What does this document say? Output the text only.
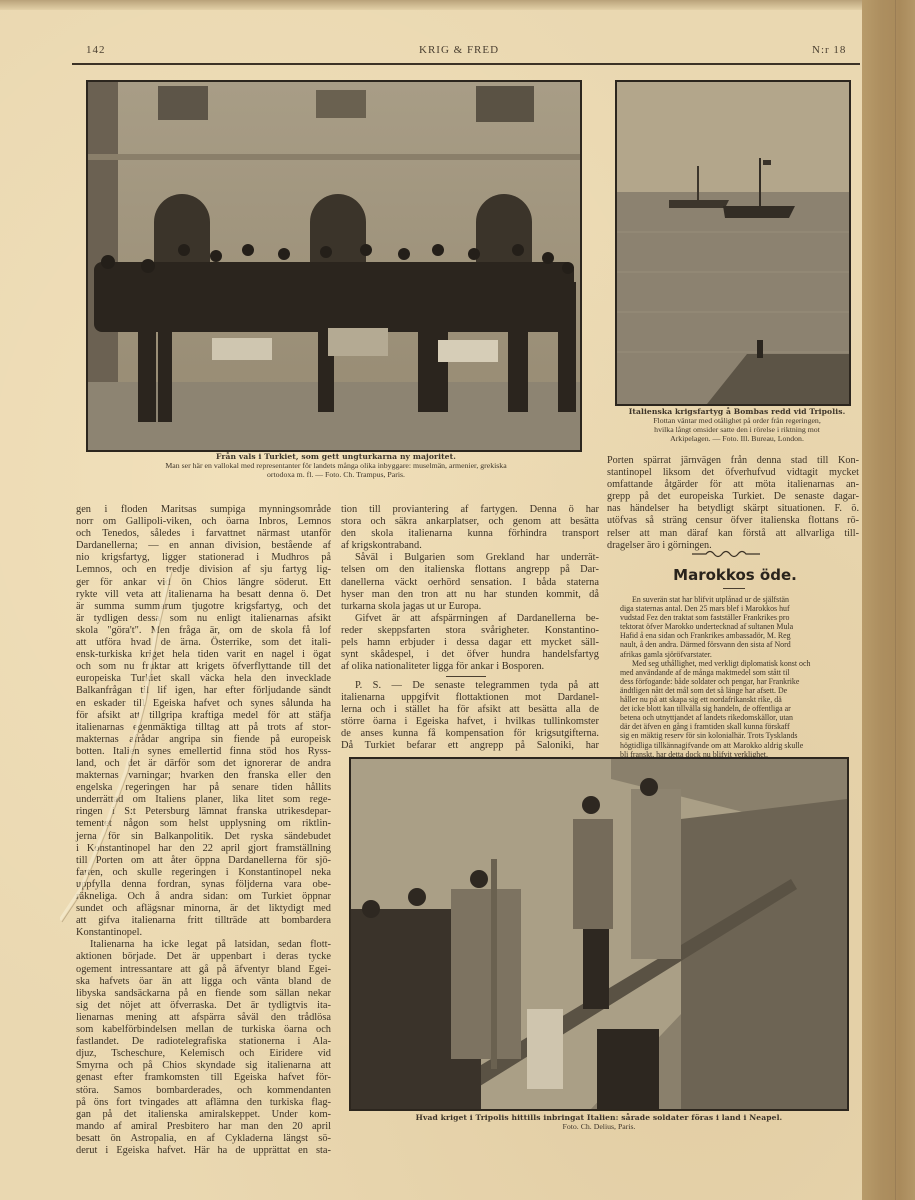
142	KRIG & FRED	N:r 18
Från vals i Turkiet, som gett ungturkarna ny majoritet.
Man ser här en vallokal med representanter för landets många olika inbyggare: muselmän, armenier, grekiska
ortodoxa m. fl. — Foto. Ch. Trampus, Paris.
Italienska krigsfartyg å Bombas redd vid Tripolis.
Flottan väntar med otålighet på order från regeringen,
hvilka långt omsider satte den i rörelse i riktning mot
Arkipelagen. — Foto. Ill. Bureau, London.
gen i floden Maritsas sumpiga mynningsområde
norr om Gallipoli-viken, och öarna Inbros, Lemnos
och Tenedos, således i farvattnet närmast utanför
Dardanellerna; — en annan division, bestående af
nio krigsfartyg, ligger stationerad i Mudhros på
Lemnos, och en tredje division af sju fartyg lig-
ger för ankar vid ön Chios längre söderut. Ett
rykte vill veta att italienarna ha besatt denna ö. Det
är summa summarum tjugotre krigsfartyg, och det
är tydligen dessa som nu enligt italienarnas afsikt
skola "göra't". Men fråga är, om de skola få lof
att utföra hvad de ärna. Österrike, som det itali-
ensk-turkiska kriget hela tiden varit en nagel i ögat
och som nu fruktar att krigets öfverflyttande till det
europeiska Turkiet skall väcka hela den invecklade
Balkanfrågan til lif igen, har efter förljudande sändt
en eskader till Egeiska hafvet och synes sålunda ha
för afsikt att tillgripa kraftiga medel för att stäfja
italienarnas egenmäktiga tilltag att på trots af stor-
makternas afrådar angripa sin fiende på europeisk
botten. Italien synes emellertid finna stöd hos Ryss-
land, och det är därför som det ignorerar de andra
makternas varningar; hvarken den franska eller den
engelska regeringen har på senare tiden hållits
underrättad om Italiens planer, lika litet som rege-
ringen i S:t Petersburg lämnat franska utrikesdepar-
tementet någon som helst upplysning om riktlin-
jerna för sin Balkanpolitik. Det ryska sändebudet
i Konstantinopel har den 22 april gjort framställning
till Porten om att åter öppna Dardanellerna för sjö-
farten, och skulle regeringen i Konstantinopel neka
uppfylla denna fordran, synas följderna vara obe-
räkneliga. Och å andra sidan: om Turkiet öppnar
sundet och aflägsnar minorna, är det liktydigt med
att gifva italienarna fritt tillträde att bombardera
Konstantinopel.
Italienarna ha icke legat på latsidan, sedan flott-
aktionen började. Det är uppenbart i deras tycke
ogement intressantare att gå på äfventyr bland Egei-
ska hafvets öar än att ligga och vänta bland de
libyska sandsäckarna på en fiende som sällan nekar
sig det nöjet att öfverraska. Det är tydligtvis ita-
lienarnas mening att afspärra såväl den trådlösa
som kabelförbindelsen mellan de turkiska öarna och
fastlandet. De radiotelegrafiska stationerna i Ala-
djuz, Tscheschure, Kelemisch och Eiridere vid
Smyrna och på Chios skyndade sig italienarna att
genast efter framkomsten till Egeiska hafvet för-
störa. Samos bombarderades, och kommendanten
på öns fort tvingades att aflämna den turkiska flag-
gan på det italienska amiralskeppet. Under kom-
mando af amiral Presbitero har man den 20 april
besatt ön Astropalia, en af Cykladerna längst sö-
derut i Egeiska hafvet. Här ha de upprättat en sta-
tion till proviantering af fartygen. Denna ö har
stora och säkra ankarplatser, och genom att besätta
den skola italienarna kunna förhindra transport
af krigskontraband.
Såväl i Bulgarien som Grekland har underrät-
telsen om den italienska flottans angrepp på Dar-
danellerna väckt oerhörd sensation. I båda staterna
hyser man den tron att nu har stunden kommit, då
turkarna skola jagas ut ur Europa.
Gifvet är att afspärrningen af Dardanellerna be-
reder skeppsfarten stora svårigheter. Konstantino-
pels hamn erbjuder i dessa dagar ett mycket säll-
synt skådespel, i det öfver hundra handelsfartyg
af olika nationaliteter ligga för ankar i Bosporen.
P. S. — De senaste telegrammen tyda på att
italienarna uppgifvit flottaktionen mot Dardanel-
lerna och i stället ha för afsikt att besätta alla de
större öarna i Egeiska hafvet, i hvilkas tullinkomster
de anses kunna få kompensation för krigsutgifterna.
Då Turkiet befarar ett angrepp på Saloniki, har
Porten spärrat järnvägen från denna stad till Kon-
stantinopel liksom det öfverhufvud vidtagit mycket
omfattande åtgärder för att möta italienarnas an-
grepp på det europeiska Turkiet. De senaste dagar-
nas händelser ha betydligt skärpt situationen. F. ö.
utöfvas så sträng censur öfver italienska flottans rö-
relser att man däraf kan förstå att allvarliga till-
dragelser äro i görningen.
Marokkos öde.
En suverän stat har blifvit utplånad ur de själfstän
diga staternas antal. Den 25 mars blef i Marokkos huf
vudstad Fez den traktat som fastställer Frankrikes pro
tektorat öfver Marokko undertecknad af sultanen Mula
Hafid å ena sidan och Frankrikes ambassadör, M. Reg
nault, å den andra. Därmed försvann den sista af Nord
afrikas gamla sjöröfvarstater.
Med seg uthållighet, med verkligt diplomatisk konst och
med användande af de många maktmedel som stått til
dess förfogande: både soldater och pengar, har Frankrike
ändtligen nått det mål som det så länge har afsett. De
håller nu på att skapa sig ett nordafrikanskt rike, dä
det icke blott kan tillvälla sig handeln, de offentliga ar
betena och utnyttjandet af landets rikedomskällor, utan
där det äfven en gång i framtiden skall kunna förskaff
sig en mäktig reserv för sin kolonialhär. Trots Tysklands
högtidliga tillkännagifvande om att Marokko aldrig skulle
bli franskt, har detta dock nu blifvit verklighet.
Hvad kriget i Tripolis hittills inbringat Italien: sårade soldater föras i land i Neapel.
Foto. Ch. Delius, Paris.
